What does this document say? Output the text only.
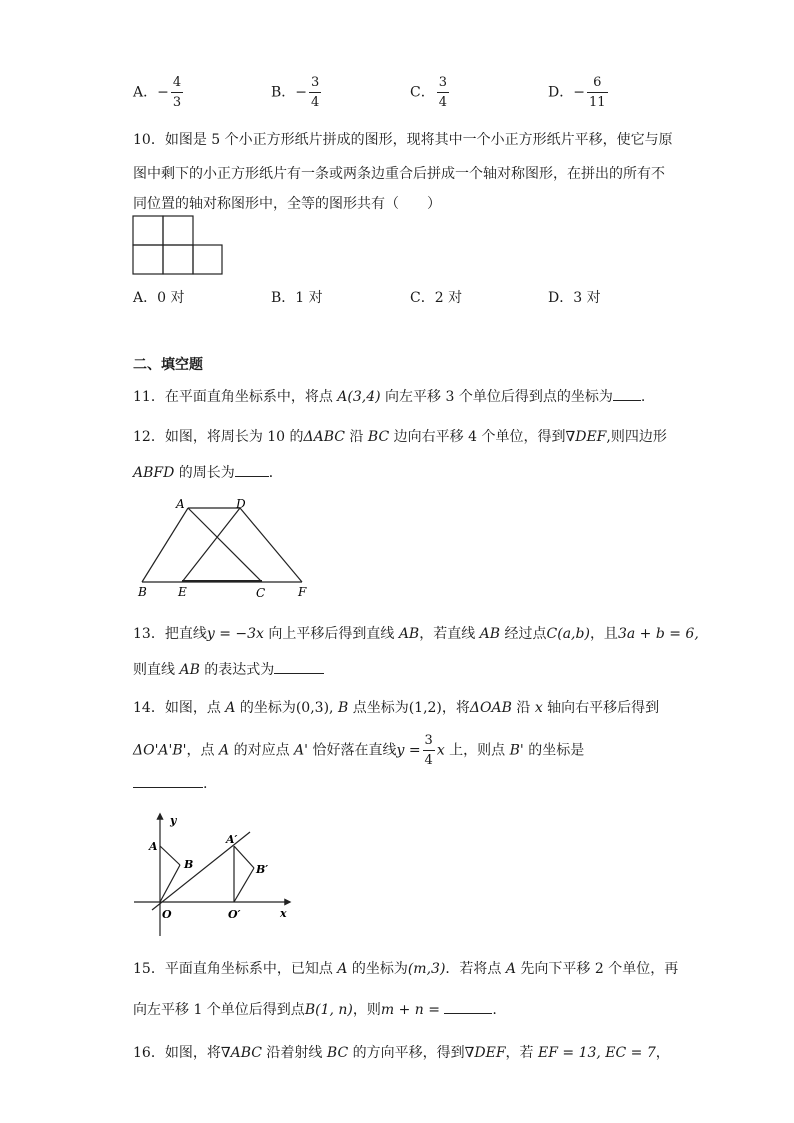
A．− $\frac{4}{3}$	B．− $\frac{3}{4}$	C． $\frac{3}{4}$	D．− $\frac{6}{11}$
10．如图是 5 个小正方形纸片拼成的图形，现将其中一个小正方形纸片平移，使它与原
图中剩下的小正方形纸片有一条或两条边重合后拼成一个轴对称图形，在拼出的所有不
同位置的轴对称图形中，全等的图形共有（　　）
A．0 对	B．1 对	C．2 对	D．3 对
二、填空题
11．在平面直角坐标系中，将点 A(3,4) 向左平移 3 个单位后得到点的坐标为 .
12．如图，将周长为 10 的ΔABC 沿 BC 边向右平移 4 个单位，得到∇DEF,则四边形
ABFD 的周长为 ．
A	D
B	E	C	F
13．把直线y = −3x 向上平移后得到直线 AB，若直线 AB 经过点C(a,b)，且3a + b = 6,
则直线 AB 的表达式为
14．如图，点 A 的坐标为(0,3), B 点坐标为(1,2)，将ΔOAB 沿 x 轴向右平移后得到
ΔO'A'B'，点 A 的对应点 A' 恰好落在直线$y = \frac{3}{4}$ x 上，则点 B' 的坐标是
.
y
x
A
B
O
A′
B′
O′
15．平面直角坐标系中，已知点 A 的坐标为(m,3)．若将点 A 先向下平移 2 个单位，再
向左平移 1 个单位后得到点B(1, n)，则m + n =	.
16．如图，将∇ABC 沿着射线 BC 的方向平移，得到∇DEF，若 EF = 13, EC = 7，
